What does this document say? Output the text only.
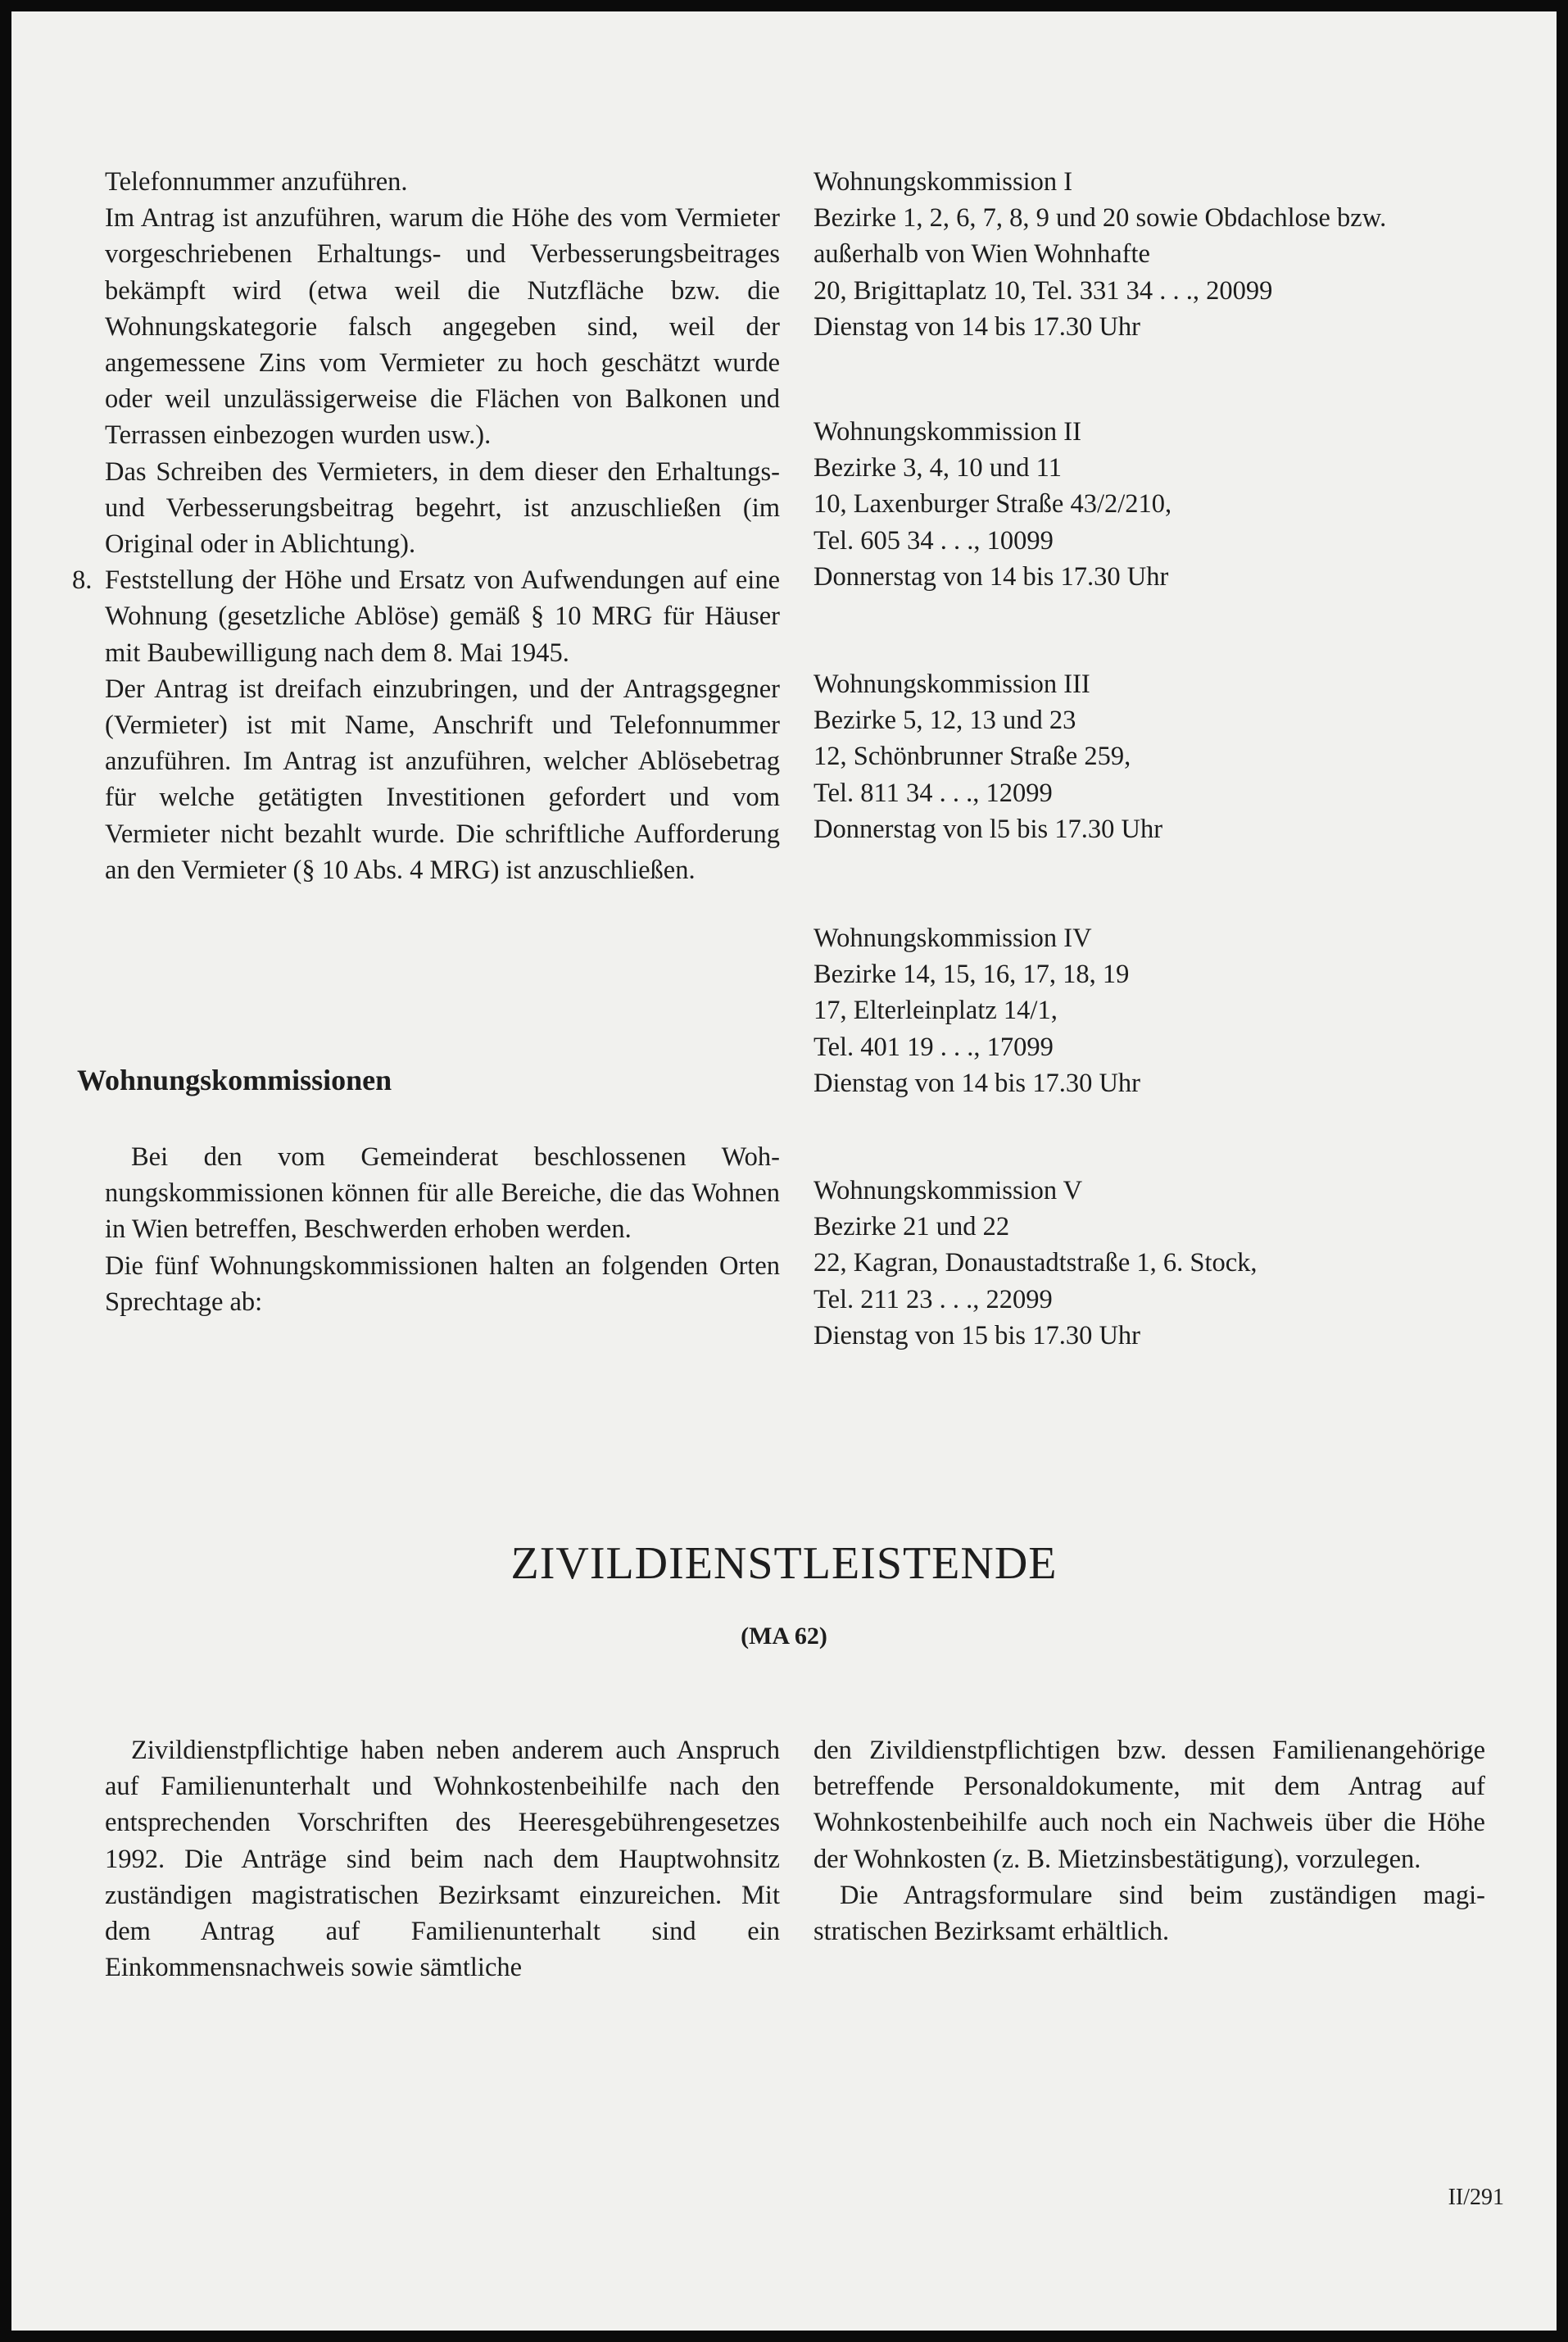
Telefonnummer anzuführen.

Im Antrag ist anzuführen, warum die Höhe des vom Vermieter vorgeschriebenen Erhaltungs- und Verbesserungsbeitrages bekämpft wird (etwa weil die Nutzfläche bzw. die Wohnungskategorie falsch angegeben sind, weil der angemessene Zins vom Vermieter zu hoch geschätzt wurde oder weil unzulässigerweise die Flächen von Balkonen und Terrassen einbezogen wurden usw.).

Das Schreiben des Vermieters, in dem dieser den Erhaltungs- und Verbesserungsbeitrag begehrt, ist anzuschließen (im Original oder in Ablichtung).

8. Feststellung der Höhe und Ersatz von Aufwendungen auf eine Wohnung (gesetzliche Ablöse) gemäß § 10 MRG für Häuser mit Baubewilligung nach dem 8. Mai 1945.

Der Antrag ist dreifach einzubringen, und der Antragsgegner (Vermieter) ist mit Name, Anschrift und Telefonnummer anzuführen. Im Antrag ist anzuführen, welcher Ablösebetrag für welche getätigten Investitionen gefordert und vom Vermieter nicht bezahlt wurde. Die schriftliche Aufforderung an den Vermieter (§ 10 Abs. 4 MRG) ist anzuschließen.

Wohnungskommissionen

Bei den vom Gemeinderat beschlossenen Wohnungskommissionen können für alle Bereiche, die das Wohnen in Wien betreffen, Beschwerden erhoben werden.

Die fünf Wohnungskommissionen halten an folgenden Orten Sprechtage ab:

Wohnungskommission I
Bezirke 1, 2, 6, 7, 8, 9 und 20 sowie Obdachlose bzw.
außerhalb von Wien Wohnhafte
20, Brigittaplatz 10, Tel. 331 34 . . ., 20099
Dienstag von 14 bis 17.30 Uhr
Wohnungskommission II
Bezirke 3, 4, 10 und 11
10, Laxenburger Straße 43/2/210,
Tel. 605 34 . . ., 10099
Donnerstag von 14 bis 17.30 Uhr
Wohnungskommission III
Bezirke 5, 12, 13 und 23
12, Schönbrunner Straße 259,
Tel. 811 34 . . ., 12099
Donnerstag von l5 bis 17.30 Uhr
Wohnungskommission IV
Bezirke 14, 15, 16, 17, 18, 19
17, Elterleinplatz 14/1,
Tel. 401 19 . . ., 17099
Dienstag von 14 bis 17.30 Uhr
Wohnungskommission V
Bezirke 21 und 22
22, Kagran, Donaustadtstraße 1, 6. Stock,
Tel. 211 23 . . ., 22099
Dienstag von 15 bis 17.30 Uhr
ZIVILDIENSTLEISTENDE
(MA 62)

Zivildienstpflichtige haben neben anderem auch Anspruch auf Familienunterhalt und Wohnkostenbeihilfe nach den entsprechenden Vorschriften des Heeresgebührengesetzes 1992. Die Anträge sind beim nach dem Hauptwohnsitz zuständigen magistratischen Bezirksamt einzureichen. Mit dem Antrag auf Familienunterhalt sind ein Einkommensnachweis sowie sämtliche

den Zivildienstpflichtigen bzw. dessen Familienangehörige betreffende Personaldokumente, mit dem Antrag auf Wohnkostenbeihilfe auch noch ein Nachweis über die Höhe der Wohnkosten (z. B. Mietzinsbestätigung), vorzulegen.

Die Antragsformulare sind beim zuständigen magistratischen Bezirksamt erhältlich.

II/291
